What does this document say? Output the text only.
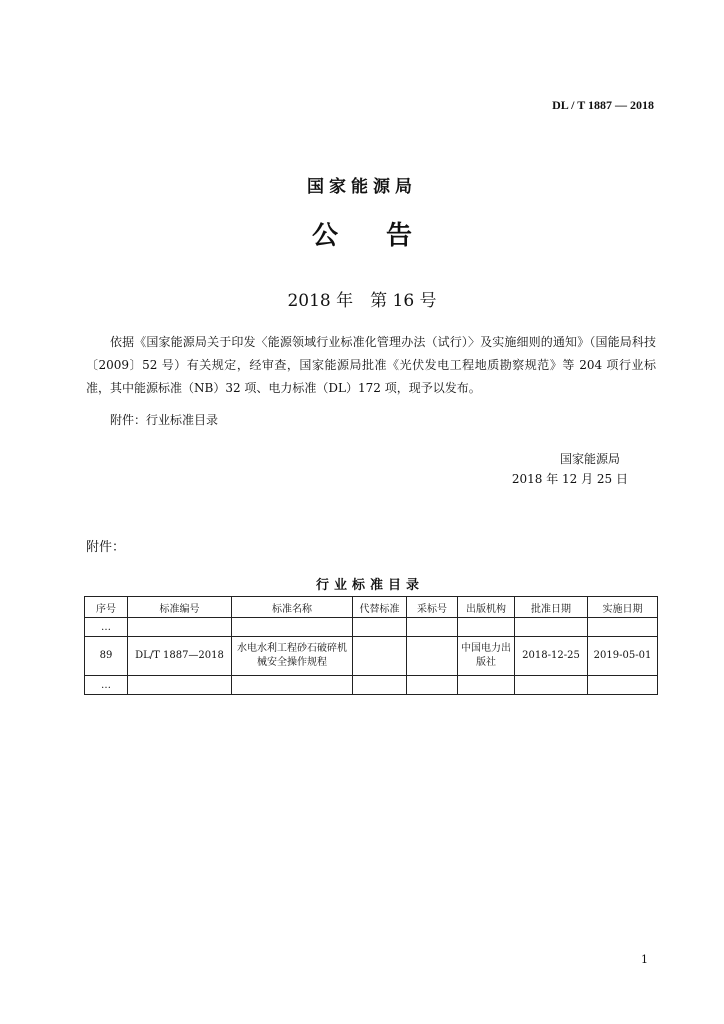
DL / T 1887 — 2018
国家能源局
公告
2018 年　第 16 号
依据《国家能源局关于印发〈能源领域行业标准化管理办法（试行）〉及实施细则的通知》（国能局科技〔2009〕52 号）有关规定，经审查，国家能源局批准《光伏发电工程地质勘察规范》等 204 项行业标准，其中能源标准（NB）32 项、电力标准（DL）172 项，现予以发布。
附件：行业标准目录
国家能源局
2018 年 12 月 25 日
附件：
行业标准目录
序号	标准编号	标准名称	代替标准	采标号	出版机构	批准日期	实施日期
…							
89	DL/T 1887—2018	水电水利工程砂石破碎机械安全操作规程			中国电力出版社	2018-12-25	2019-05-01
…							
1
